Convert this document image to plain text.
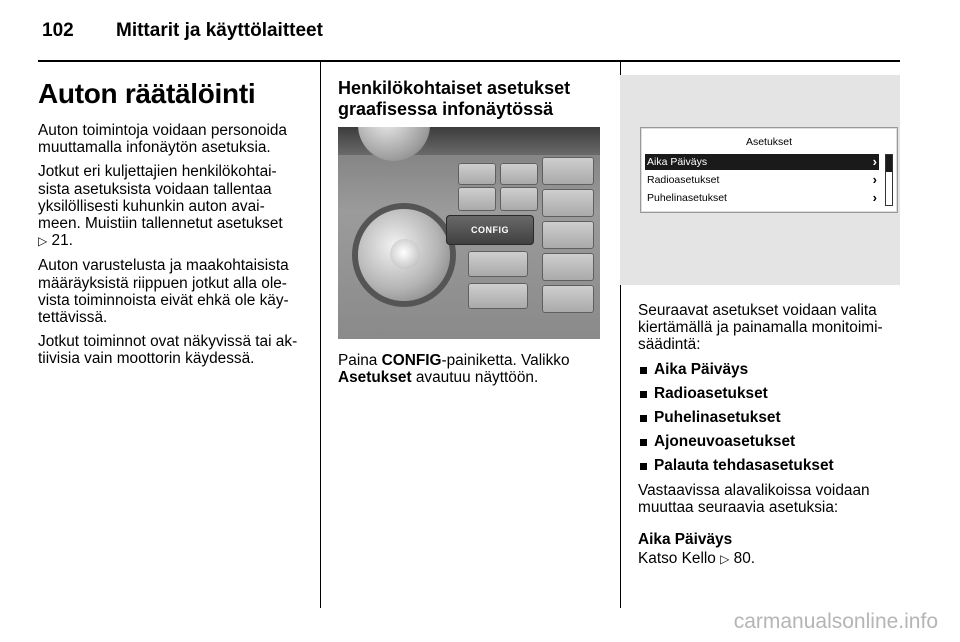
102 Mittarit ja käyttölaitteet
Auton räätälöinti

Auton toimintoja voidaan personoida muuttamalla infonäytön asetuksia.

Jotkut eri kuljettajien henkilökohtai- sista asetuksista voidaan tallentaa yksilöllisesti kuhunkin auton avai- meen. Muistiin tallennetut asetukset
▷ 21.

Auton varustelusta ja maakohtaisista määräyksistä riippuen jotkut alla ole- vista toiminnoista eivät ehkä ole käy- tettävissä.

Jotkut toiminnot ovat näkyvissä tai ak- tiivisia vain moottorin käydessä.

Henkilökohtaiset asetukset
graafisessa infonäytössä
CONFIG

Paina CONFIG-painiketta. Valikko
Asetukset avautuu näyttöön.

Asetukset
Aika Päiväys	›
Radioasetukset	›
Puhelinasetukset	›

Seuraavat asetukset voidaan valita kiertämällä ja painamalla monitoimi- säädintä:

Aika Päiväys
Radioasetukset
Puhelinasetukset
Ajoneuvoasetukset
Palauta tehdasasetukset

Vastaavissa alavalikoissa voidaan muuttaa seuraavia asetuksia:

Aika Päiväys

Katso Kello ▷ 80.

carmanualsonline.info
